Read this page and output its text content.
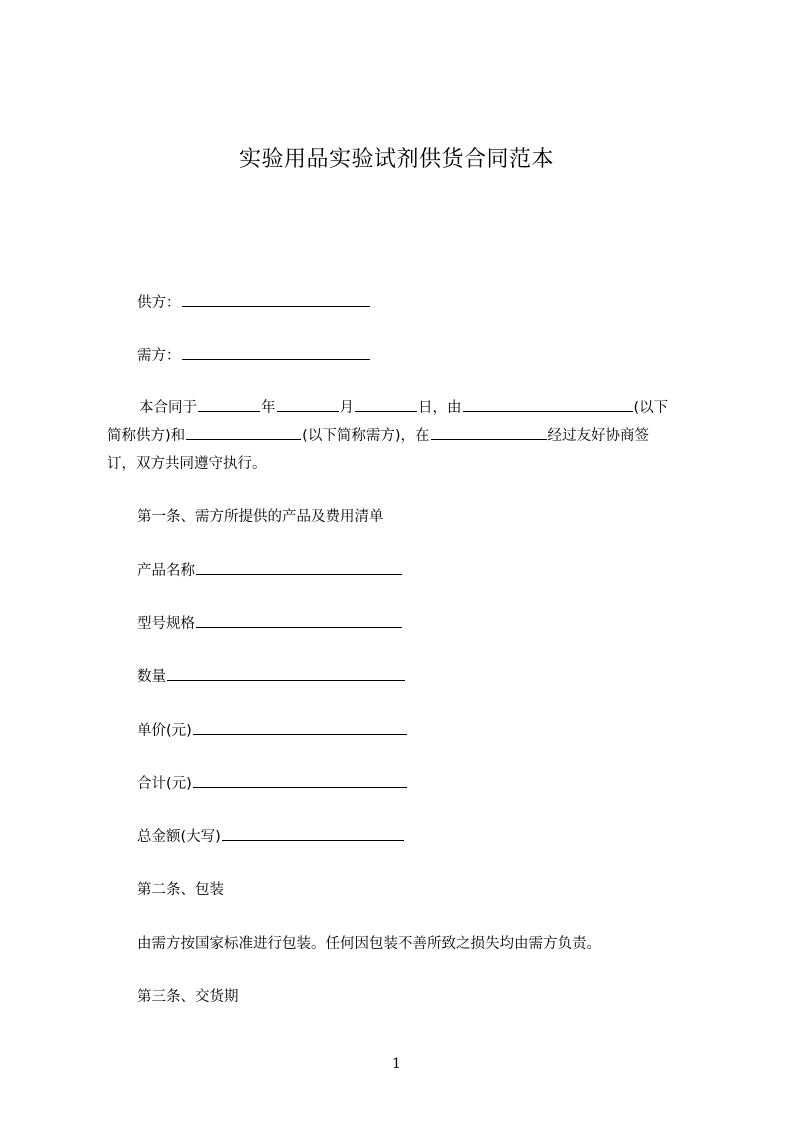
实验用品实验试剂供货合同范本
供方：
需方：
本合同于	年	月	日，由	(以下
简称供方)和	(以下简称需方)，在	经过友好协商签
订，双方共同遵守执行。
第一条、需方所提供的产品及费用清单
产品名称
型号规格
数量
单价(元)
合计(元)
总金额(大写)
第二条、包装
由需方按国家标准进行包装。任何因包装不善所致之损失均由需方负责。
第三条、交货期
1
